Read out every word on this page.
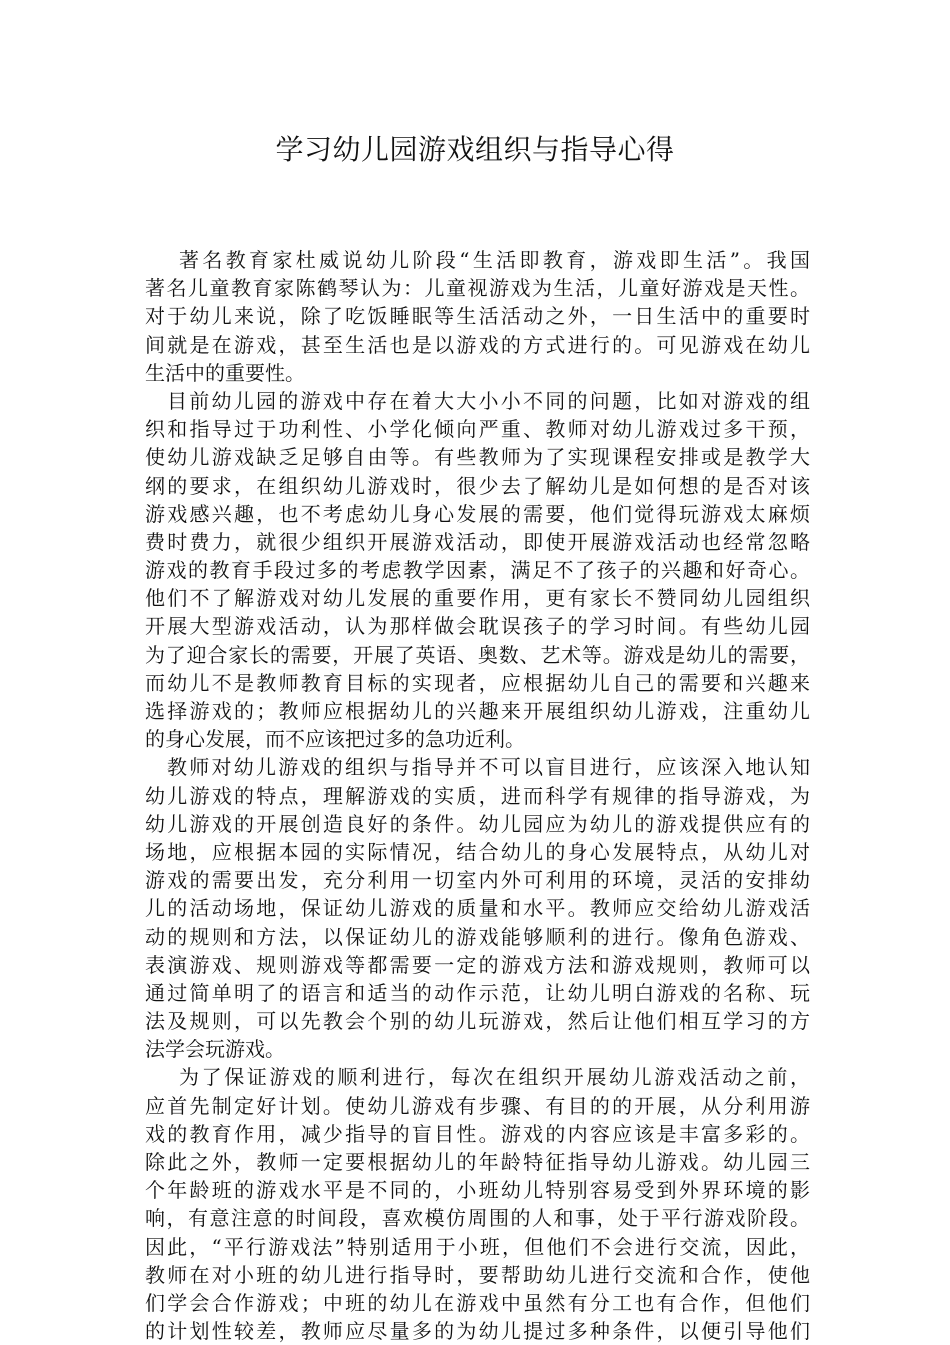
学习幼儿园游戏组织与指导心得
著名教育家杜威说幼儿阶段“生活即教育，游戏即生活”。我国
著名儿童教育家陈鹤琴认为：儿童视游戏为生活，儿童好游戏是天性。
对于幼儿来说，除了吃饭睡眠等生活活动之外，一日生活中的重要时
间就是在游戏，甚至生活也是以游戏的方式进行的。可见游戏在幼儿
生活中的重要性。
目前幼儿园的游戏中存在着大大小小不同的问题，比如对游戏的组
织和指导过于功利性、小学化倾向严重、教师对幼儿游戏过多干预，
使幼儿游戏缺乏足够自由等。有些教师为了实现课程安排或是教学大
纲的要求，在组织幼儿游戏时，很少去了解幼儿是如何想的是否对该
游戏感兴趣，也不考虑幼儿身心发展的需要，他们觉得玩游戏太麻烦
费时费力，就很少组织开展游戏活动，即使开展游戏活动也经常忽略
游戏的教育手段过多的考虑教学因素，满足不了孩子的兴趣和好奇心。
他们不了解游戏对幼儿发展的重要作用，更有家长不赞同幼儿园组织
开展大型游戏活动，认为那样做会耽误孩子的学习时间。有些幼儿园
为了迎合家长的需要，开展了英语、奥数、艺术等。游戏是幼儿的需要，
而幼儿不是教师教育目标的实现者，应根据幼儿自己的需要和兴趣来
选择游戏的；教师应根据幼儿的兴趣来开展组织幼儿游戏，注重幼儿
的身心发展，而不应该把过多的急功近利。
教师对幼儿游戏的组织与指导并不可以盲目进行，应该深入地认知
幼儿游戏的特点，理解游戏的实质，进而科学有规律的指导游戏，为
幼儿游戏的开展创造良好的条件。幼儿园应为幼儿的游戏提供应有的
场地，应根据本园的实际情况，结合幼儿的身心发展特点，从幼儿对
游戏的需要出发，充分利用一切室内外可利用的环境，灵活的安排幼
儿的活动场地，保证幼儿游戏的质量和水平。教师应交给幼儿游戏活
动的规则和方法，以保证幼儿的游戏能够顺利的进行。像角色游戏、
表演游戏、规则游戏等都需要一定的游戏方法和游戏规则，教师可以
通过简单明了的语言和适当的动作示范，让幼儿明白游戏的名称、玩
法及规则，可以先教会个别的幼儿玩游戏，然后让他们相互学习的方
法学会玩游戏。
为了保证游戏的顺利进行，每次在组织开展幼儿游戏活动之前，
应首先制定好计划。使幼儿游戏有步骤、有目的的开展，从分利用游
戏的教育作用，减少指导的盲目性。游戏的内容应该是丰富多彩的。
除此之外，教师一定要根据幼儿的年龄特征指导幼儿游戏。幼儿园三
个年龄班的游戏水平是不同的，小班幼儿特别容易受到外界环境的影
响，有意注意的时间段，喜欢模仿周围的人和事，处于平行游戏阶段。
因此，“平行游戏法”特别适用于小班，但他们不会进行交流，因此，
教师在对小班的幼儿进行指导时，要帮助幼儿进行交流和合作，使他
们学会合作游戏；中班的幼儿在游戏中虽然有分工也有合作，但他们
的计划性较差，教师应尽量多的为幼儿提过多种条件，以便引导他们
